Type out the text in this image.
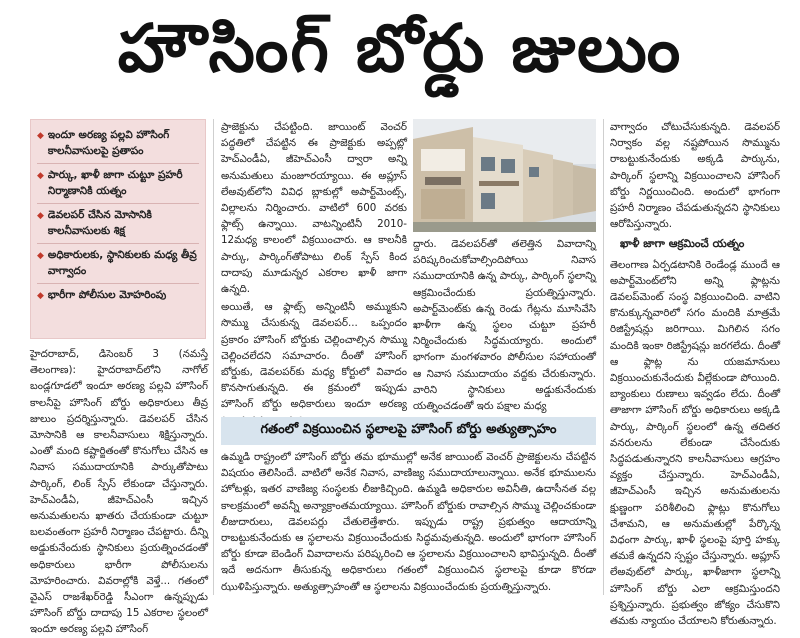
హౌసింగ్ బోర్డు జులుం
◆ ఇందూ అరణ్య పల్లవి హౌసింగ్ కాలనీవాసులపై ప్రతాపం
◆ పార్కు, ఖాళీ జాగా చుట్టూ ప్రహరీ నిర్మాణానికి యత్నం
◆ డెవలపర్ చేసిన మోసానికి కాలనీవాసులకు శిక్ష
◆ అధికారులకు, స్థానికులకు మధ్య తీవ్ర వాగ్వాదం
◆ భారీగా పోలీసుల మోహరింపు

హైదరాబాద్, డిసెంబర్ 3 (నమస్తే తెలంగాణ): హైదరాబాద్‌లోని నాగోల్ బండ్లగూడలో ఇందూ అరణ్య పల్లవి హౌసింగ్ కాలనీపై హౌసింగ్ బోర్డు అధికారులు తీవ్ర జులుం ప్రదర్శిస్తున్నారు. డెవలపర్ చేసిన మోసానికి ఆ కాలనీవాసులు శిక్షిస్తున్నారు. ఎంతో మంది కష్టార్జితంతో కొనుగోలు చేసిన ఆ నివాస సముదాయానికి పార్కుతోపాటు పార్కింగ్, లింక్ స్పేస్ లేకుండా చేస్తున్నారు. హెచ్‌ఎండీఏ, జీహెచ్‌ఎంసీ ఇచ్చిన అనుమతులను ఖాతరు చేయకుండా చుట్టూ బలవంతంగా ప్రహరీ నిర్మాణం చేపట్టారు. దీన్ని అడ్డుకునేందుకు స్థానికులు ప్రయత్నించడంతో అధికారులు భారీగా పోలీసులను మోహరించారు. వివరాల్లోకి వెళ్తే... గతంలో వైఎస్ రాజశేఖర్‌రెడ్డి సీఎంగా ఉన్నప్పుడు హౌసింగ్ బోర్డు దాదాపు 15 ఎకరాల స్థలంలో ఇందూ అరణ్య పల్లవి హౌసింగ్

ప్రాజెక్టును చేపట్టింది. జాయింట్ వెంచర్ పద్ధతిలో చేపట్టిన ఈ ప్రాజెక్టుకు అప్పట్లో హెచ్‌ఎండీఏ, జీహెచ్‌ఎంసీ ద్వారా అన్ని అనుమతులు మంజూరయ్యాయి. ఈ అప్లూస్ లేఅవుట్‌లోని వివిధ బ్లాకుల్లో అపార్ట్‌మెంట్స్, విల్లాలను నిర్మించారు. వాటిలో 600 వరకు ఫ్లాట్స్ ఉన్నాయి. వాటన్నింటినీ 2010-12మధ్య కాలంలో విక్రయించారు. ఆ కాలనీకి పార్కు, పార్కింగ్‌తోపాటు లింక్ స్పేస్ కింద దాదాపు మూడున్నర ఎకరాల ఖాళీ జాగా ఉన్నది.

అయితే, ఆ ఫ్లాట్స్ అన్నింటినీ అమ్ముకుని సొమ్ము చేసుకున్న డెవలపర్... ఒప్పందం ప్రకారం హౌసింగ్ బోర్డుకు చెల్లించాల్సిన సొమ్ము చెల్లించలేదని సమాచారం. దీంతో హౌసింగ్ బోర్డుకు, డెవలపర్‌కు మధ్య కోర్టులో వివాదం కొనసాగుతున్నది. ఈ క్రమంలో ఇప్పుడు హౌసింగ్ బోర్డు అధికారులు ఇందూ అరణ్య

ద్దారు. డెవలపర్‌తో తలెత్తిన వివాదాన్ని పరిష్కరించుకోవాల్సిందిపోయి నివాస సముదాయానికి ఉన్న పార్కు, పార్కింగ్ స్థలాన్ని ఆక్రమించేందుకు ప్రయత్నిస్తున్నారు. అపార్ట్‌మెంట్‌కు ఉన్న రెండు గేట్లను మూసివేసి ఖాళీగా ఉన్న స్థలం చుట్టూ ప్రహరీ నిర్మించేందుకు సిద్ధమయ్యారు. అందులో భాగంగా మంగళవారం పోలీసుల సహాయంతో ఆ నివాస సముదాయం వద్దకు చేరుకున్నారు. వారిని స్థానికులు అడ్డుకునేందుకు యత్నించడంతో ఇరు పక్షాల మధ్య

గతంలో విక్రయించిన స్థలాలపై హౌసింగ్ బోర్డు అత్యుత్సాహం

ఉమ్మడి రాష్ట్రంలో హౌసింగ్ బోర్డు తమ భూముల్లో అనేక జాయింట్ వెంచర్ ప్రాజెక్టులను చేపట్టిన విషయం తెలిసిందే. వాటిలో అనేక నివాస, వాణిజ్య సముదాయాలున్నాయి. అనేక భూములను హోటళ్లు, ఇతర వాణిజ్య సంస్థలకు లీజుకిచ్చింది. ఉమ్మడి అధికారుల అవినీతి, ఉదాసీనత వల్ల కాలక్రమంలో అవన్నీ అన్యాక్రాంతమయ్యాయి. హౌసింగ్ బోర్డుకు రావాల్సిన సొమ్ము చెల్లించకుండా లీజుదారులు, డెవలపర్లు చేతులెత్తేశారు. ఇప్పుడు రాష్ట్ర ప్రభుత్వం ఆదాయాన్ని రాబట్టుకునేందుకు ఆ స్థలాలను విక్రయించేందుకు సిద్ధమవుతున్నది. అందులో భాగంగా హౌసింగ్ బోర్డు కూడా బెండింగ్ వివాదాలను పరిష్కరించి ఆ స్థలాలను విక్రయించాలని భావిస్తున్నది. దీంతో ఇదే అదనుగా తీసుకున్న అధికారులు గతంలో విక్రయించిన స్థలాలపై కూడా కొరడా ఝుళిపిస్తున్నారు. అత్యుత్సాహంతో ఆ స్థలాలను విక్రయించేందుకు ప్రయత్నిస్తున్నారు.

వాగ్వాదం చోటుచేసుకున్నది. డెవలపర్ నిర్వాకం వల్ల నష్టపోయిన సొమ్మును రాబట్టుకునేందుకు అక్కడి పార్కును, పార్కింగ్ స్థలాన్ని విక్రయించాలని హౌసింగ్ బోర్డు నిర్ణయించింది. అందులో భాగంగా ప్రహరీ నిర్మాణం చేపడుతున్నదని స్థానికులు ఆరోపిస్తున్నారు.

ఖాళీ జాగా ఆక్రమించే యత్నం

తెలంగాణ ఏర్పడటానికి రెండేండ్ల ముందే ఆ అపార్ట్‌మెంట్‌లోని అన్ని ఫ్లాట్లను డెవలప్‌మెంట్ సంస్థ విక్రయించింది. వాటిని కొనుక్కున్నవారిలో సగం మందికి మాత్రమే రిజిస్ట్రేషన్లు జరిగాయి. మిగిలిన సగం మందికి ఇంకా రిజిస్ట్రేషన్లు జరగలేదు. దీంతో ఆ ఫ్లాట్ల ను యజమానులు విక్రయించుకునేందుకు వీల్లేకుండా పోయింది. బ్యాంకులు రుణాలు ఇవ్వడం లేదు. దీంతో తాజాగా హౌసింగ్ బోర్డు అధికారులు అక్కడి పార్కు, పార్కింగ్ స్థలంలో ఉన్న తదితర వనరులను లేకుండా చేసేందుకు సిద్ధపడుతున్నారని కాలనీవాసులు ఆగ్రహం వ్యక్తం చేస్తున్నారు. హెచ్‌ఎండీఏ, జీహెచ్‌ఎంసీ ఇచ్చిన అనుమతులను క్షుణ్ణంగా పరిశీలించి ఫ్లాట్లు కొనుగోలు చేశామని, ఆ అనుమతుల్లో పేర్కొన్న విధంగా పార్కు, ఖాళీ స్థలంపై పూర్తి హక్కు తమకే ఉన్నదని స్పష్టం చేస్తున్నారు. అప్లూస్ లేఅవుట్‌లో పార్కు, ఖాళీజాగా స్థలాన్ని హౌసింగ్ బోర్డు ఎలా ఆక్రమిస్తుందని ప్రశ్నిస్తున్నారు. ప్రభుత్వం జోక్యం చేసుకొని తమకు న్యాయం చేయాలని కోరుతున్నారు.
